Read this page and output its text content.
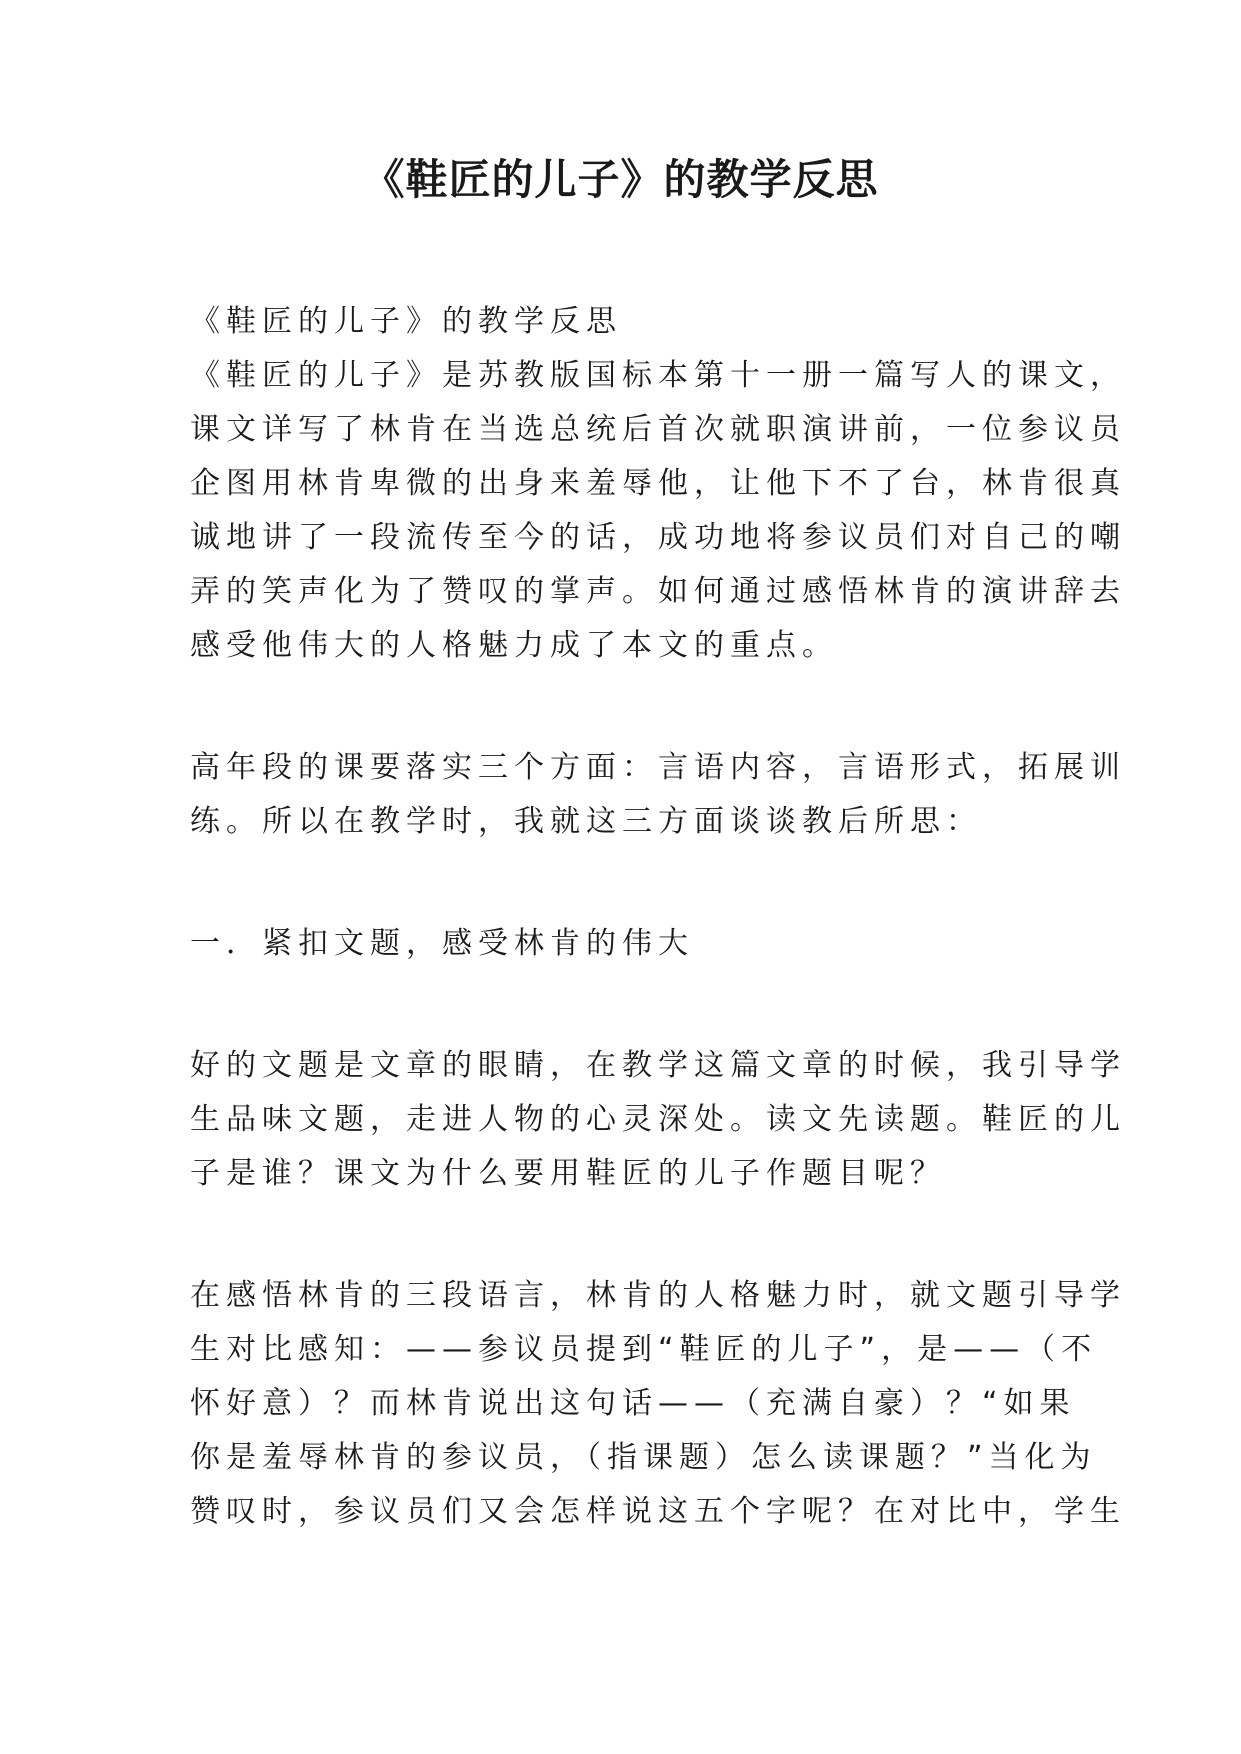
《鞋匠的儿子》的教学反思
《鞋匠的儿子》的教学反思
《鞋匠的儿子》是苏教版国标本第十一册一篇写人的课文，
课文详写了林肯在当选总统后首次就职演讲前，一位参议员
企图用林肯卑微的出身来羞辱他，让他下不了台，林肯很真
诚地讲了一段流传至今的话，成功地将参议员们对自己的嘲
弄的笑声化为了赞叹的掌声。如何通过感悟林肯的演讲辞去
感受他伟大的人格魅力成了本文的重点。
高年段的课要落实三个方面：言语内容，言语形式，拓展训
练。所以在教学时，我就这三方面谈谈教后所思：
一．紧扣文题，感受林肯的伟大
好的文题是文章的眼睛，在教学这篇文章的时候，我引导学
生品味文题，走进人物的心灵深处。读文先读题。鞋匠的儿
子是谁？课文为什么要用鞋匠的儿子作题目呢？
在感悟林肯的三段语言，林肯的人格魅力时，就文题引导学
生对比感知：——参议员提到“鞋匠的儿子”，是——（不
怀好意）？而林肯说出这句话——（充满自豪）？“如果
你是羞辱林肯的参议员，（指课题）怎么读课题？”当化为
赞叹时，参议员们又会怎样说这五个字呢？在对比中，学生
